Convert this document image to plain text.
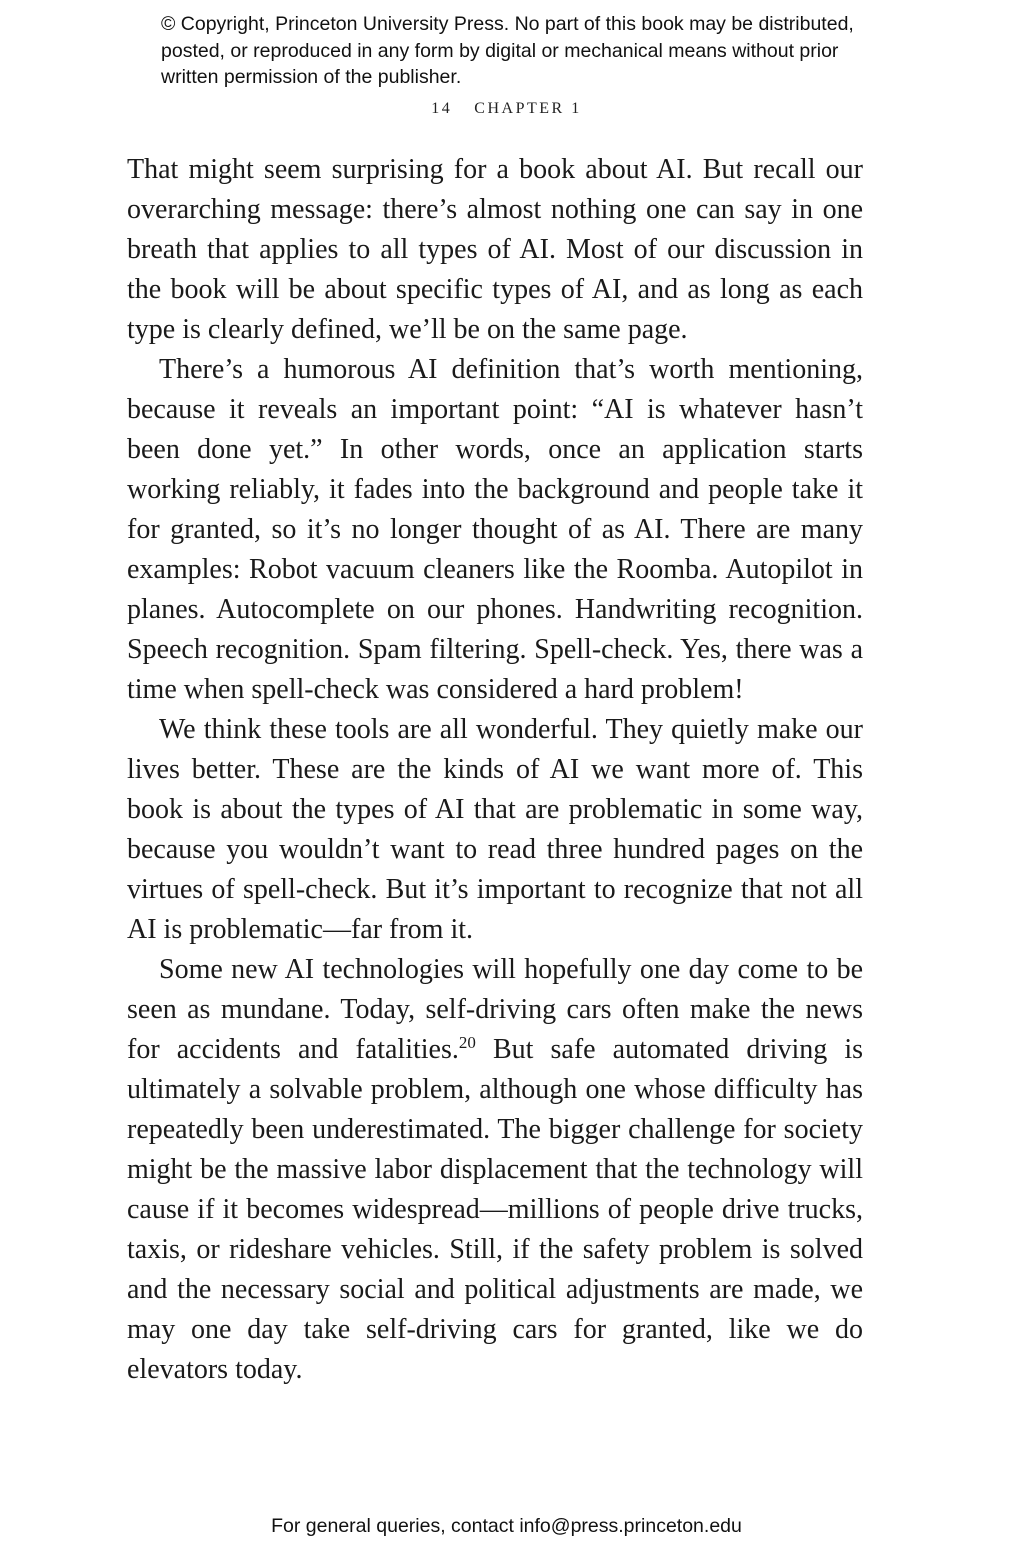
© Copyright, Princeton University Press. No part of this book may be distributed, posted, or reproduced in any form by digital or mechanical means without prior written permission of the publisher.
14 CHAPTER 1

That might seem surprising for a book about AI. But recall our overarching message: there’s almost nothing one can say in one breath that applies to all types of AI. Most of our discussion in the book will be about specific types of AI, and as long as each type is clearly defined, we’ll be on the same page.

There’s a humorous AI definition that’s worth mentioning, because it reveals an important point: “AI is whatever hasn’t been done yet.” In other words, once an application starts working reliably, it fades into the background and people take it for granted, so it’s no longer thought of as AI. There are many examples: Robot vacuum cleaners like the Roomba. Autopilot in planes. Autocomplete on our phones. Handwriting recognition. Speech recognition. Spam filtering. Spell-check. Yes, there was a time when spell-check was considered a hard problem!

We think these tools are all wonderful. They quietly make our lives better. These are the kinds of AI we want more of. This book is about the types of AI that are problematic in some way, because you wouldn’t want to read three hundred pages on the virtues of spell-check. But it’s important to recognize that not all AI is problematic—far from it.

Some new AI technologies will hopefully one day come to be seen as mundane. Today, self-driving cars often make the news for accidents and fatalities.$^{20}$ But safe automated driving is ultimately a solvable problem, although one whose difficulty has repeatedly been underestimated. The bigger challenge for society might be the massive labor displacement that the technology will cause if it becomes widespread—millions of people drive trucks, taxis, or rideshare vehicles. Still, if the safety problem is solved and the necessary social and political adjustments are made, we may one day take self-driving cars for granted, like we do elevators today.

For general queries, contact info@press.princeton.edu
